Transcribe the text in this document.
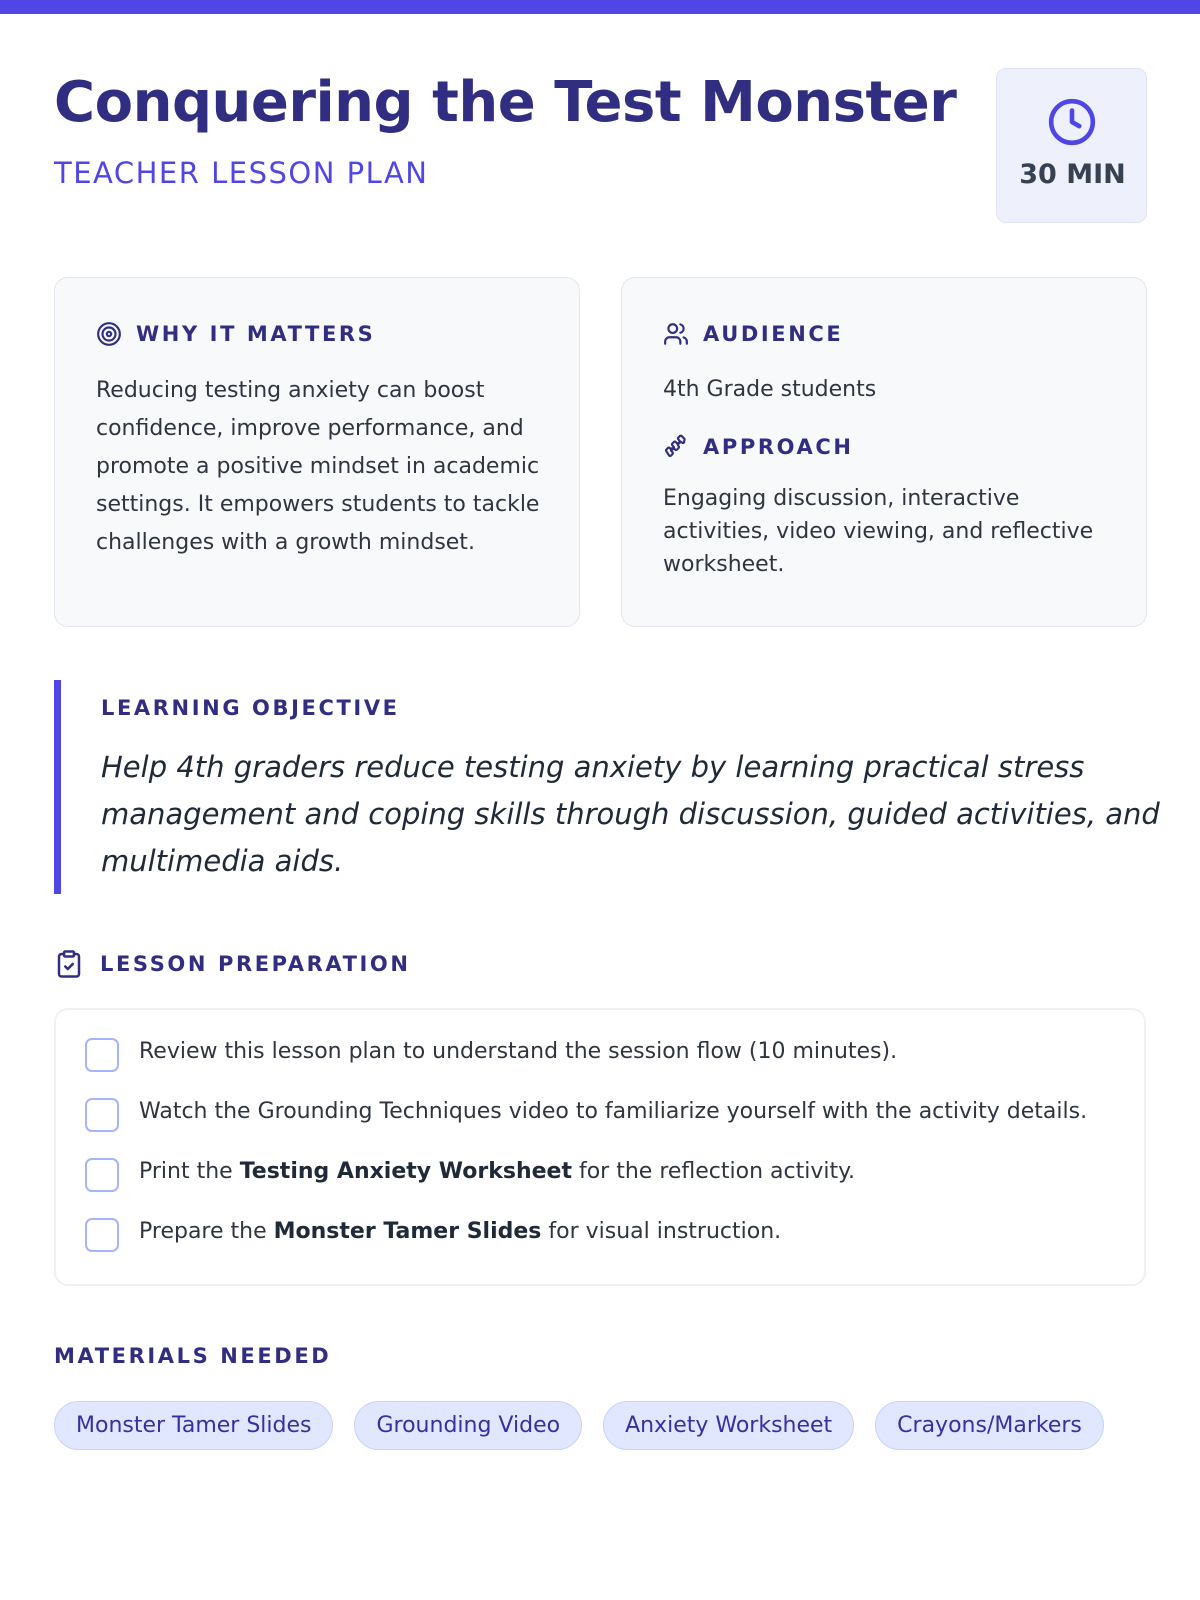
Conquering the Test Monster
TEACHER LESSON PLAN	30 MIN
WHY IT MATTERS

Reducing testing anxiety can boost confidence, improve performance, and promote a positive mindset in academic settings. It empowers students to tackle challenges with a growth mindset.

AUDIENCE

4th Grade students

APPROACH

Engaging discussion, interactive activities, video viewing, and reflective worksheet.

LEARNING OBJECTIVE

Help 4th graders reduce testing anxiety by learning practical stress management and coping skills through discussion, guided activities, and multimedia aids.

LESSON PREPARATION
Review this lesson plan to understand the session flow (10 minutes).
Watch the Grounding Techniques video to familiarize yourself with the activity details.
Print the Testing Anxiety Worksheet for the reflection activity.
Prepare the Monster Tamer Slides for visual instruction.
MATERIALS NEEDED
Monster Tamer Slides	Grounding Video	Anxiety Worksheet	Crayons/Markers
